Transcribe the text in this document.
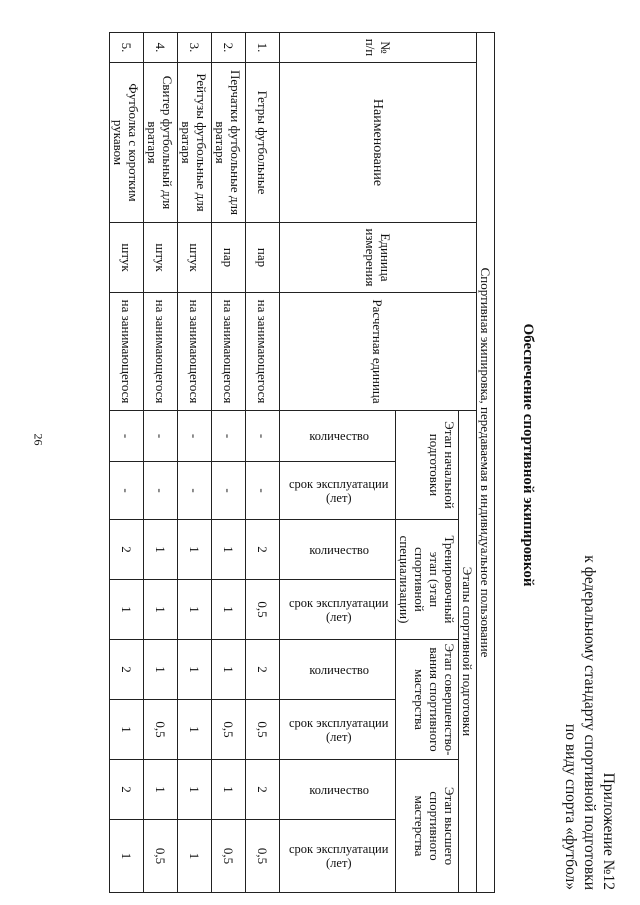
26
Приложение №12
к федеральному стандарту спортивной подготовки
по виду спорта «футбол»
Обеспечение спортивной экипировкой
Спортивная экипировка, передаваемая в индивидуальное пользование											
№ п/п	Наименование	Единица измерения	Расчетная единица	Этапы спортивной подготовки							
				Этап начальной подготовки		Тренировочный этап (этап спортивной специализации)		Этап совершенство-вания спортивного мастерства		Этап высшего спортивного мастерства	
				количество	срок эксплуатации (лет)	количество	срок эксплуатации (лет)	количество	срок эксплуатации (лет)	количество	срок эксплуатации (лет)
1.	Гетры футбольные	пар	на занимающегося	-	-	2	0,5	2	0,5	2	0,5
2.	Перчатки футбольные для вратаря	пар	на занимающегося	-	-	1	1	1	0,5	1	0,5
3.	Рейтузы футбольные для вратаря	штук	на занимающегося	-	-	1	1	1	1	1	1
4.	Свитер футбольный для вратаря	штук	на занимающегося	-	-	1	1	1	0,5	1	0,5
5.	Футболка с коротким рукавом	штук	на занимающегося	-	-	2	1	2	1	2	1
